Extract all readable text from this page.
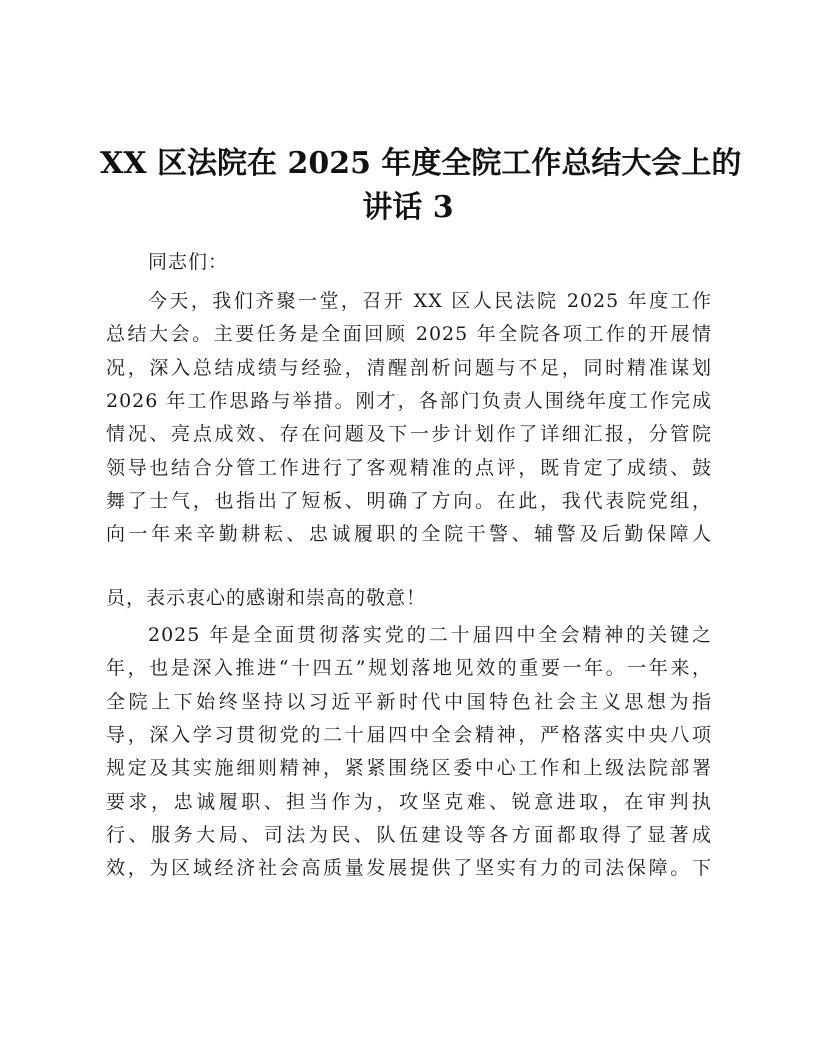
XX 区法院在 2025 年度全院工作总结大会上的
讲话 3
同志们：
今天，我们齐聚一堂，召开 XX 区人民法院 2025 年度工作
总结大会。主要任务是全面回顾 2025 年全院各项工作的开展情
况，深入总结成绩与经验，清醒剖析问题与不足，同时精准谋划
2026 年工作思路与举措。刚才，各部门负责人围绕年度工作完成
情况、亮点成效、存在问题及下一步计划作了详细汇报，分管院
领导也结合分管工作进行了客观精准的点评，既肯定了成绩、鼓
舞了士气，也指出了短板、明确了方向。在此，我代表院党组，
向一年来辛勤耕耘、忠诚履职的全院干警、辅警及后勤保障人
员，表示衷心的感谢和崇高的敬意！
2025 年是全面贯彻落实党的二十届四中全会精神的关键之
年，也是深入推进“十四五”规划落地见效的重要一年。一年来，
全院上下始终坚持以习近平新时代中国特色社会主义思想为指
导，深入学习贯彻党的二十届四中全会精神，严格落实中央八项
规定及其实施细则精神，紧紧围绕区委中心工作和上级法院部署
要求，忠诚履职、担当作为，攻坚克难、锐意进取，在审判执
行、服务大局、司法为民、队伍建设等各方面都取得了显著成
效，为区域经济社会高质量发展提供了坚实有力的司法保障。下
